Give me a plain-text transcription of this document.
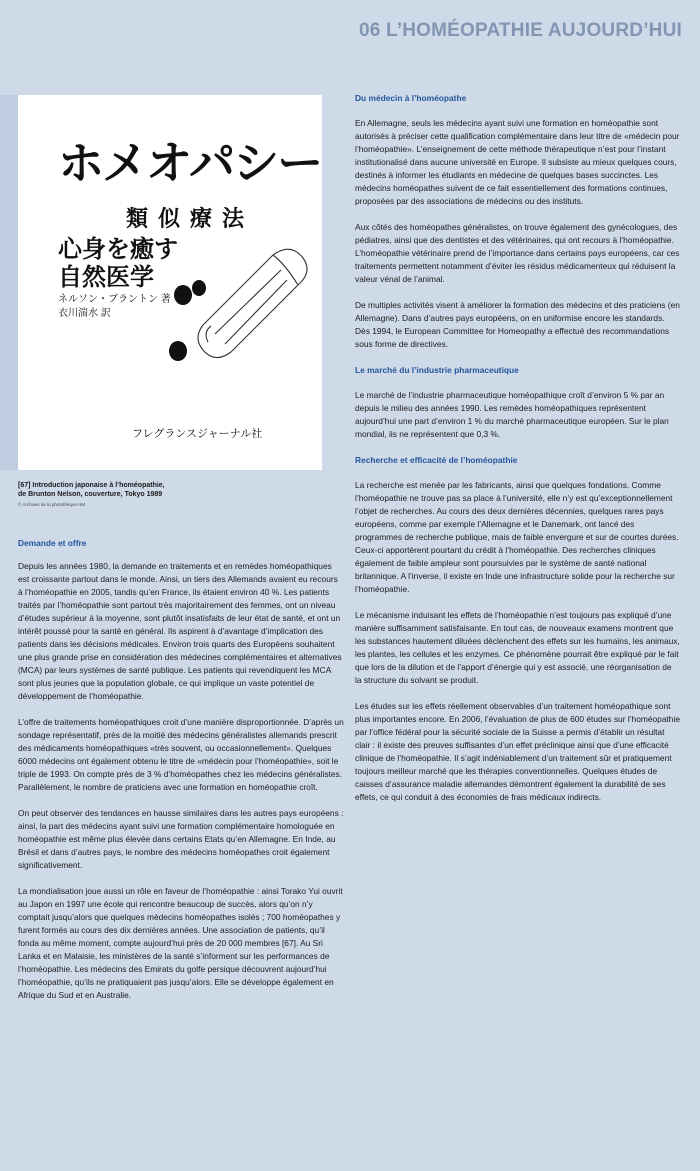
06 L’HOMÉOPATHIE AUJOURD’HUI
ホメオパシー
類似療法
心身を癒す
自然医学
ネルソン・ブラントン 著
衣川湍水 訳
フレグランスジャーナル社
[67] Introduction japonaise à l’homéopathie,
de Brunton Nelson, couverture, Tokyo 1989
© Archives de la photothèque HM
Demande et offre

Depuis les années 1980, la demande en traitements et en remèdes homéopathiques est croissante partout dans le monde. Ainsi, un tiers des Allemands avaient eu recours à l’homéopathie en 2005, tandis qu’en France, ils étaient environ 40 %. Les patients traités par l’homéopathie sont partout très majoritairement des femmes, ont un niveau d’études supérieur à la moyenne, sont plutôt insatisfaits de leur état de santé, et ont un intérêt poussé pour la santé en général. Ils aspirent à d’avantage d’implication des patients dans les décisions médicales. Environ trois quarts des Européens souhaitent une plus grande prise en considération des médecines complémentaires et alternatives (MCA) par leurs systèmes de santé publique. Les patients qui revendiquent les MCA sont plus jeunes que la population globale, ce qui implique un vaste potentiel de développement de l’homéopathie.

L’offre de traitements homéopathiques croit d’une manière disproportionnée. D’après un sondage représentatif, près de la moitié des médecins généralistes allemands prescrit des médicaments homéopathiques «très souvent, ou occasionnellement». Quelques 6000 médecins ont également obtenu le titre de «médecin pour l’homéopathie», soit le triple de 1993. On compte près de 3 % d’homéopathes chez les médecins généralistes. Parallèlement, le nombre de praticiens avec une formation en homéopathie croît.

On peut observer des tendances en hausse similaires dans les autres pays européens : ainsi, la part des médecins ayant suivi une formation complémentaire homologuée en homéopathie est même plus élevée dans certains Etats qu’en Allemagne. En Inde, au Brésil et dans d’autres pays, le nombre des médecins homéopathes croit également significativement.

La mondialisation joue aussi un rôle en faveur de l’homéopathie : ainsi Torako Yui ouvrit au Japon en 1997 une école qui rencontre beaucoup de succès, alors qu’on n’y comptait jusqu’alors que quelques médecins homéopathes isolés ; 700 homéopathes y furent formés au cours des dix dernières années. Une association de patients, qu’il fonda au même moment, compte aujourd’hui près de 20 000 membres [67]. Au Sri Lanka et en Malaisie, les ministères de la santé s’informent sur les performances de l’homéopathie. Les médecins des Emirats du golfe persique découvrent aujourd’hui l’homéopathie, qu’ils ne pratiquaient pas jusqu’alors. Elle se développe également en Afrique du Sud et en Australie.

Du médecin à l’homéopathe

En Allemagne, seuls les médecins ayant suivi une formation en homéopathie sont autorisés à préciser cette qualification complémentaire dans leur titre de «médecin pour l’homéopathie». L’enseignement de cette méthode thérapeutique n’est pour l’instant institutionalisé dans aucune université en Europe. Il subsiste au mieux quelques cours, destinés à informer les étudiants en médecine de quelques bases succinctes. Les médecins homéopathes suivent de ce fait essentiellement des formations continues, proposées par des associations de médecins ou des instituts.

Aux côtés des homéopathes généralistes, on trouve également des gynécologues, des pédiatres, ainsi que des dentistes et des vétérinaires, qui ont recours à l’homéopathie. L’homéopathie vétérinaire prend de l’importance dans certains pays européens, car ces traitements permettent notamment d’éviter les résidus médicamenteux qui réduisent la valeur vénal de l’animal.

De multiples activités visent à améliorer la formation des médecins et des praticiens (en Allemagne). Dans d’autres pays européens, on en uniformise encore les standards. Dès 1994, le European Committee for Homeopathy a effectué des recommandations sous forme de directives.

Le marché du l’industrie pharmaceutique

Le marché de l’industrie pharmaceutique homéopathique croît d’environ 5 % par an depuis le milieu des années 1990. Les remèdes homéopathiques représentent aujourd’hui une part d’environ 1 % du marché pharmaceutique européen. Sur le plan mondial, ils ne représentent que 0,3 %.

Recherche et efficacité de l’homéopathie

La recherche est menée par les fabricants, ainsi que quelques fondations. Comme l’homéopathie ne trouve pas sa place à l’université, elle n’y est qu’exceptionnellement l’objet de recherches. Au cours des deux dernières décennies, quelques rares pays européens, comme par exemple l’Allemagne et le Danemark, ont lancé des programmes de recherche publique, mais de faible envergure et sur de courtes durées. Ceux-ci apportèrent pourtant du crédit à l’homéopathie. Des recherches cliniques également de faible ampleur sont poursuivies par le système de santé national britannique. A l’inverse, il existe en Inde une infrastructure solide pour la recherche sur l’homéopathie.

Le mécanisme induisant les effets de l’homéopathie n’est toujours pas expliqué d’une manière suffisamment satisfaisante. En tout cas, de nouveaux examens montrent que les substances hautement diluées déclenchent des effets sur les humains, les animaux, les plantes, les cellules et les enzymes. Ce phénomène pourrait être expliqué par le fait que lors de la dilution et de l’apport d’énergie qui y est associé, une réorganisation de la structure du solvant se produit.

Les études sur les effets réellement observables d’un traitement homéopathique sont plus importantes encore. En 2006, l’évaluation de plus de 600 études sur l’homéopathie par l’office fédéral pour la sécurité sociale de la Suisse a permis d’établir un résultat clair : il existe des preuves suffisantes d’un effet préclinique ainsi que d’une efficacité clinique de l’homéopathie. Il s’agit indéniablement d’un traitement sûr et pratiquement toujours meilleur marché que les thérapies conventionnelles. Quelques études de caisses d’assurance maladie allemandes démontrent également la durabilité de ses effets, ce qui conduit à des économies de frais médicaux indirects.
